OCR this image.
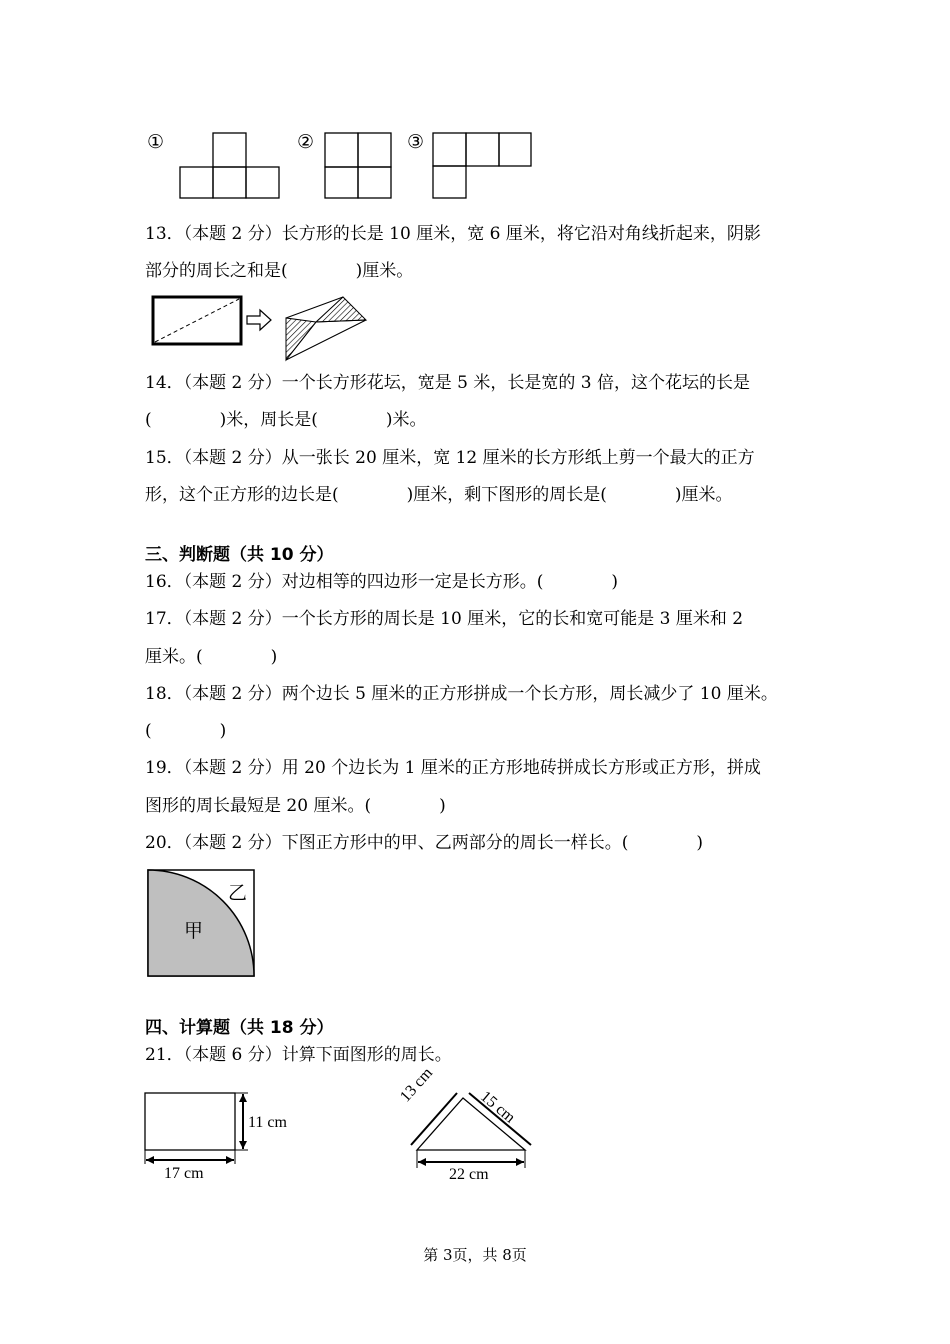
①	②	③
13．（本题 2 分）长方形的长是 10 厘米，宽 6 厘米，将它沿对角线折起来，阴影
部分的周长之和是(　　　　)厘米。
14．（本题 2 分）一个长方形花坛，宽是 5 米，长是宽的 3 倍，这个花坛的长是
(　　　　)米，周长是(　　　　)米。
15．（本题 2 分）从一张长 20 厘米，宽 12 厘米的长方形纸上剪一个最大的正方
形，这个正方形的边长是(　　　　)厘米，剩下图形的周长是(　　　　)厘米。
三、判断题（共 10 分）
16．（本题 2 分）对边相等的四边形一定是长方形。(　　　　)
17．（本题 2 分）一个长方形的周长是 10 厘米，它的长和宽可能是 3 厘米和 2
厘米。(　　　　)
18．（本题 2 分）两个边长 5 厘米的正方形拼成一个长方形，周长减少了 10 厘米。
(　　　　)
19．（本题 2 分）用 20 个边长为 1 厘米的正方形地砖拼成长方形或正方形，拼成
图形的周长最短是 20 厘米。(　　　　)
20．（本题 2 分）下图正方形中的甲、乙两部分的周长一样长。(　　　　)
甲
乙
四、计算题（共 18 分）
21．（本题 6 分）计算下面图形的周长。
11 cm
17 cm
13 cm
15 cm
22 cm
第 3页，共 8页
